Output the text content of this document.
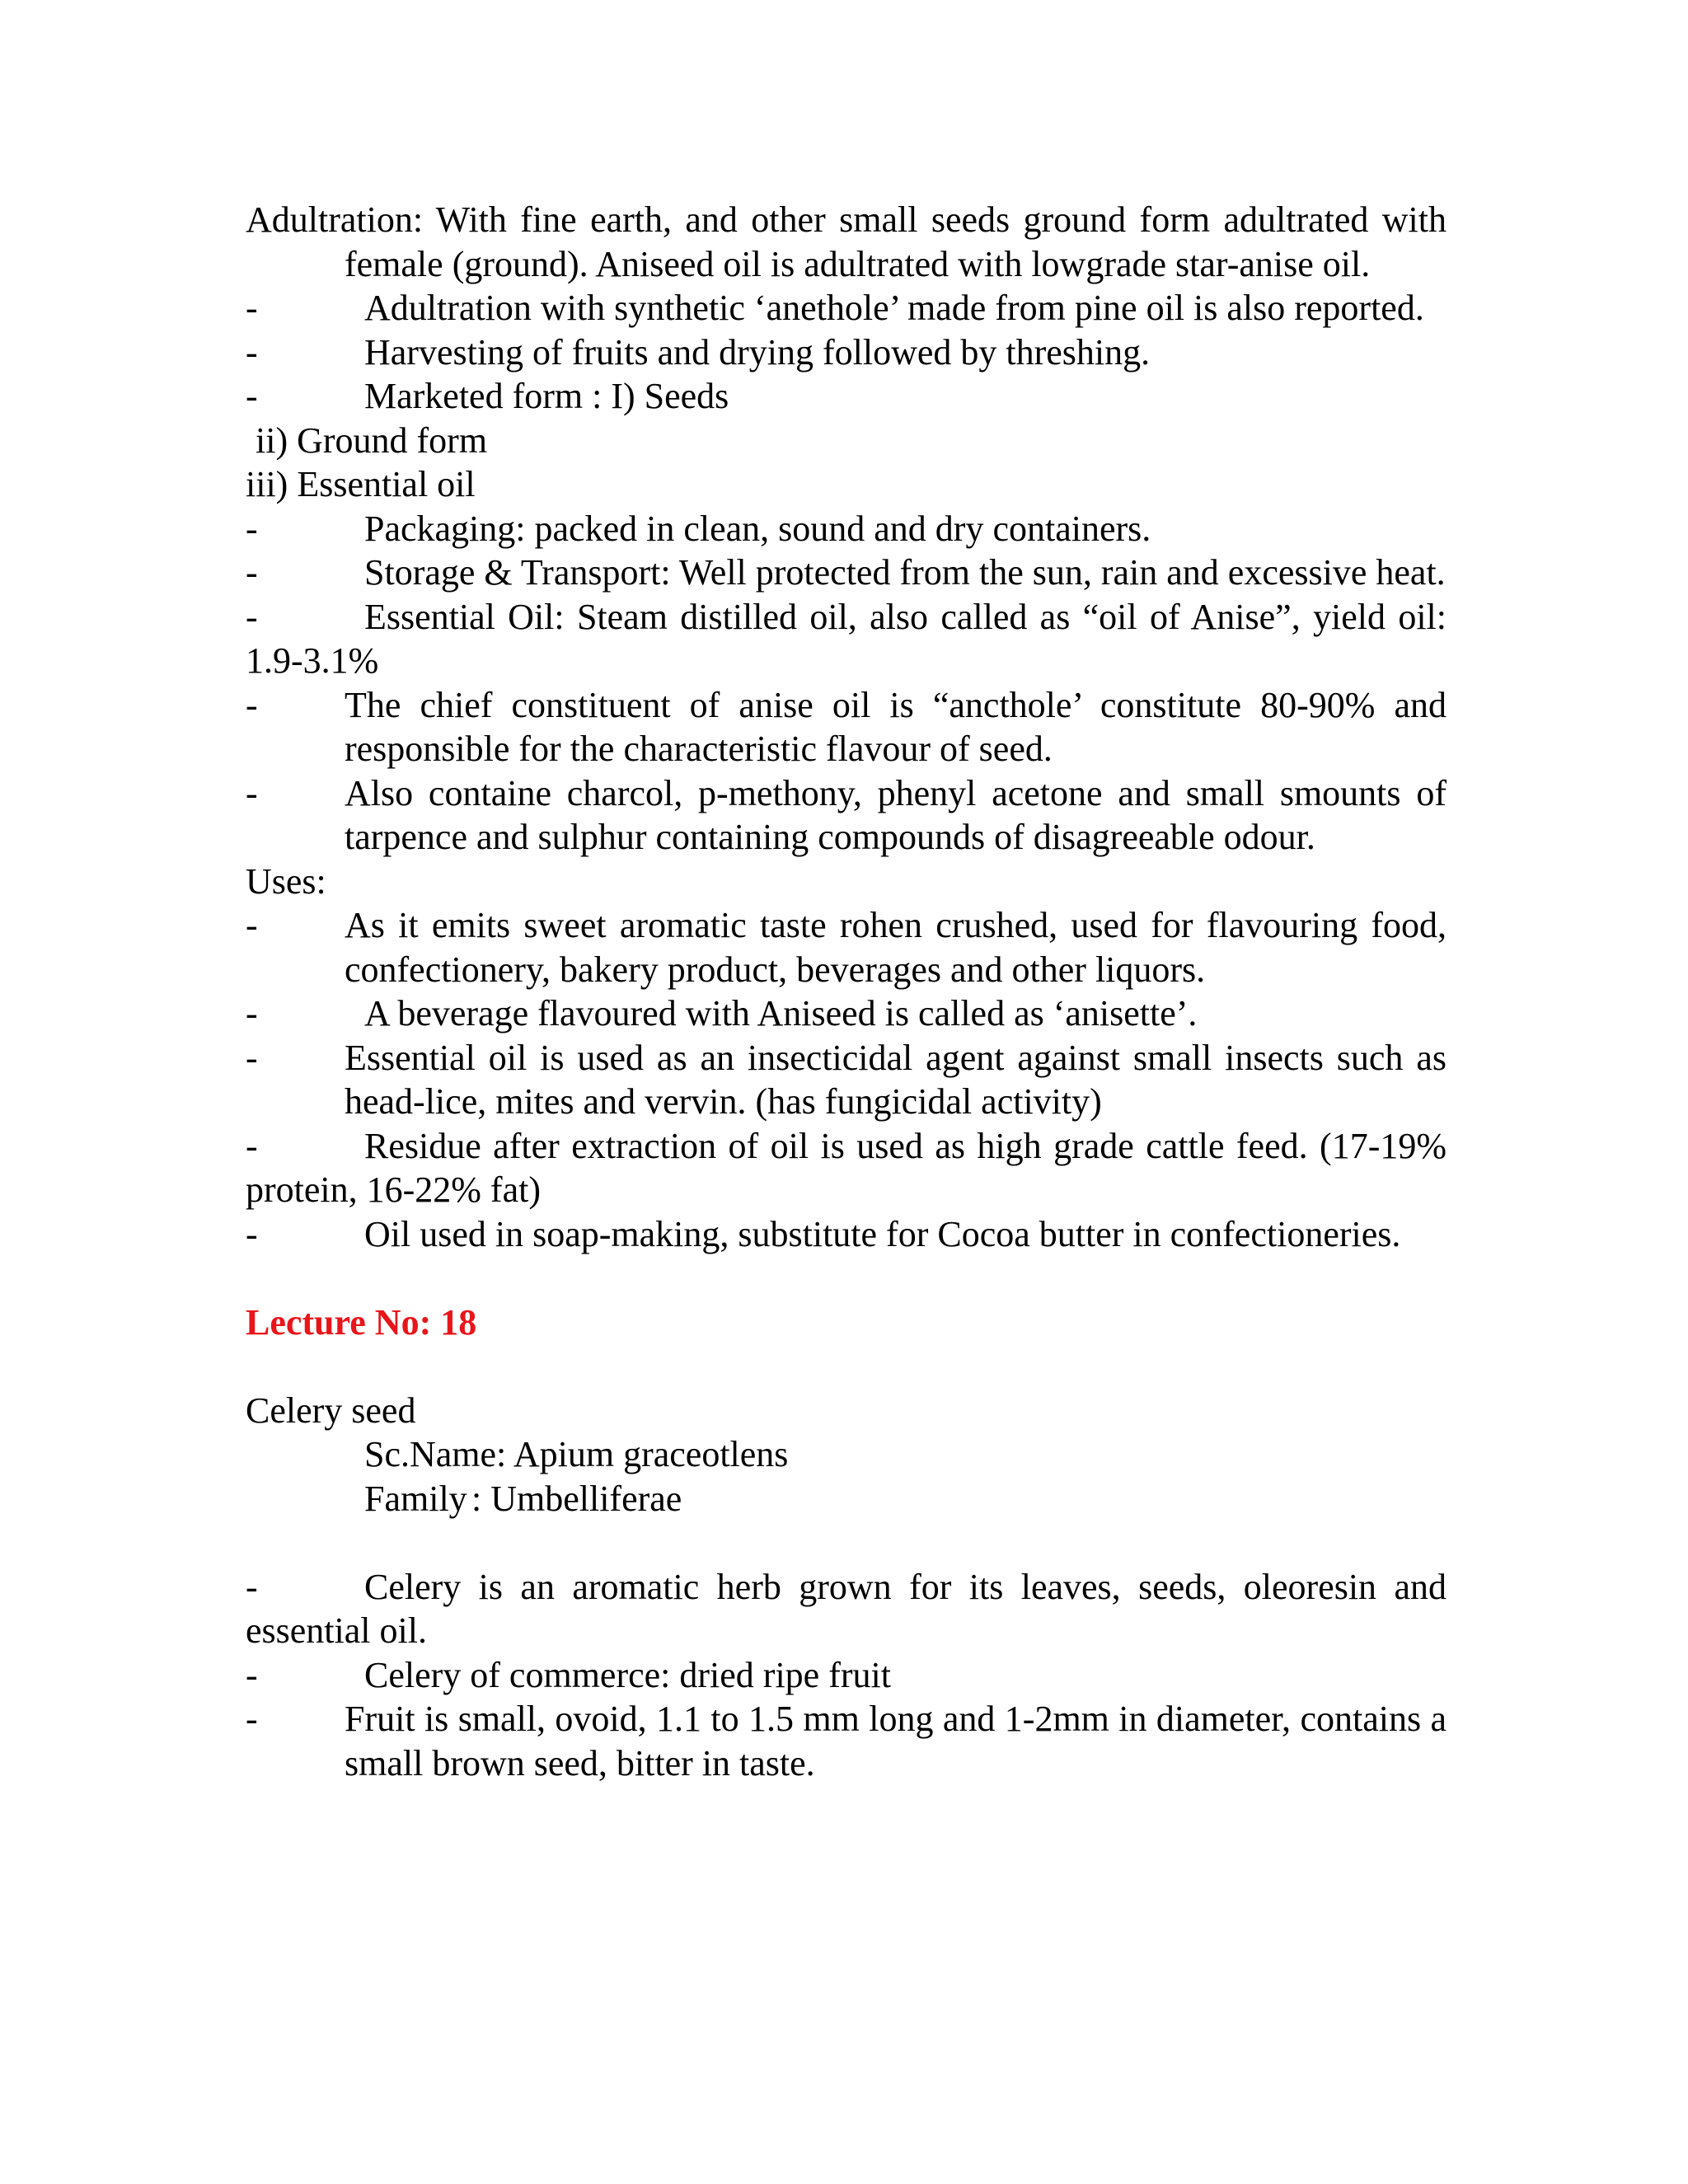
Adultration: With fine earth, and other small seeds ground form adultrated with female (ground). Aniseed oil is adultrated with lowgrade star-anise oil.

-	Adultration with synthetic ‘anethole’ made from pine oil is also reported.

-	Harvesting of fruits and drying followed by threshing.

-	Marketed form : I) Seeds

ii) Ground form

iii) Essential oil

-	Packaging: packed in clean, sound and dry containers.

-	Storage & Transport: Well protected from the sun, rain and excessive heat.

-	Essential Oil: Steam distilled oil, also called as “oil of Anise”, yield oil: 1.9-3.1%

- The chief constituent of anise oil is “ancthole’ constitute 80-90% and responsible for the characteristic flavour of seed.

- Also containe charcol, p-methony, phenyl acetone and small smounts of tarpence and sulphur containing compounds of disagreeable odour.

Uses:

- As it emits sweet aromatic taste rohen crushed, used for flavouring food, confectionery, bakery product, beverages and other liquors.

-	A beverage flavoured with Aniseed is called as ‘anisette’.

- Essential oil is used as an insecticidal agent against small insects such as head-lice, mites and vervin. (has fungicidal activity)

-	Residue after extraction of oil is used as high grade cattle feed. (17-19% protein, 16-22% fat)

-	Oil used in soap-making, substitute for Cocoa butter in confectioneries.

Lecture No: 18

Celery seed

Sc.Name: Apium graceotlens

Family : Umbelliferae

-	Celery is an aromatic herb grown for its leaves, seeds, oleoresin and essential oil.

-	Celery of commerce: dried ripe fruit

- Fruit is small, ovoid, 1.1 to 1.5 mm long and 1-2mm in diameter, contains a small brown seed, bitter in taste.
